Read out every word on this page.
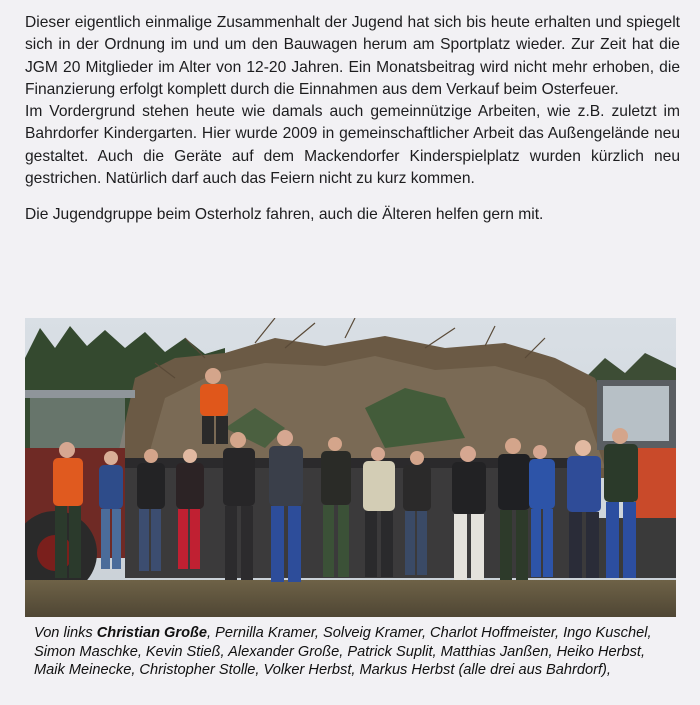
Dieser eigentlich einmalige Zusammenhalt der Jugend hat sich bis heute erhalten und spiegelt sich in der Ordnung im und um den Bauwagen herum am Sportplatz wieder. Zur Zeit hat die JGM 20 Mitglieder im Alter von 12-20 Jahren. Ein Monatsbeitrag wird nicht mehr erhoben, die Finanzierung erfolgt komplett durch die Einnahmen aus dem Verkauf beim Osterfeuer.

Im Vordergrund stehen heute wie damals auch gemeinnützige Arbeiten, wie z.B. zuletzt im Bahrdorfer Kindergarten. Hier wurde 2009 in gemeinschaftlicher Arbeit das Außengelände neu gestaltet. Auch die Geräte auf dem Mackendorfer Kinderspielplatz wurden kürzlich neu gestrichen. Natürlich darf auch das Feiern nicht zu kurz kommen.

Die Jugendgruppe beim Osterholz fahren, auch die Älteren helfen gern mit.

Von links Christian Große, Pernilla Kramer, Solveig Kramer, Charlot Hoffmeister, Ingo Kuschel, Simon Maschke, Kevin Stieß, Alexander Große, Patrick Suplit, Matthias Janßen, Heiko Herbst, Maik Meinecke, Christopher Stolle, Volker Herbst, Markus Herbst (alle drei aus Bahrdorf),
